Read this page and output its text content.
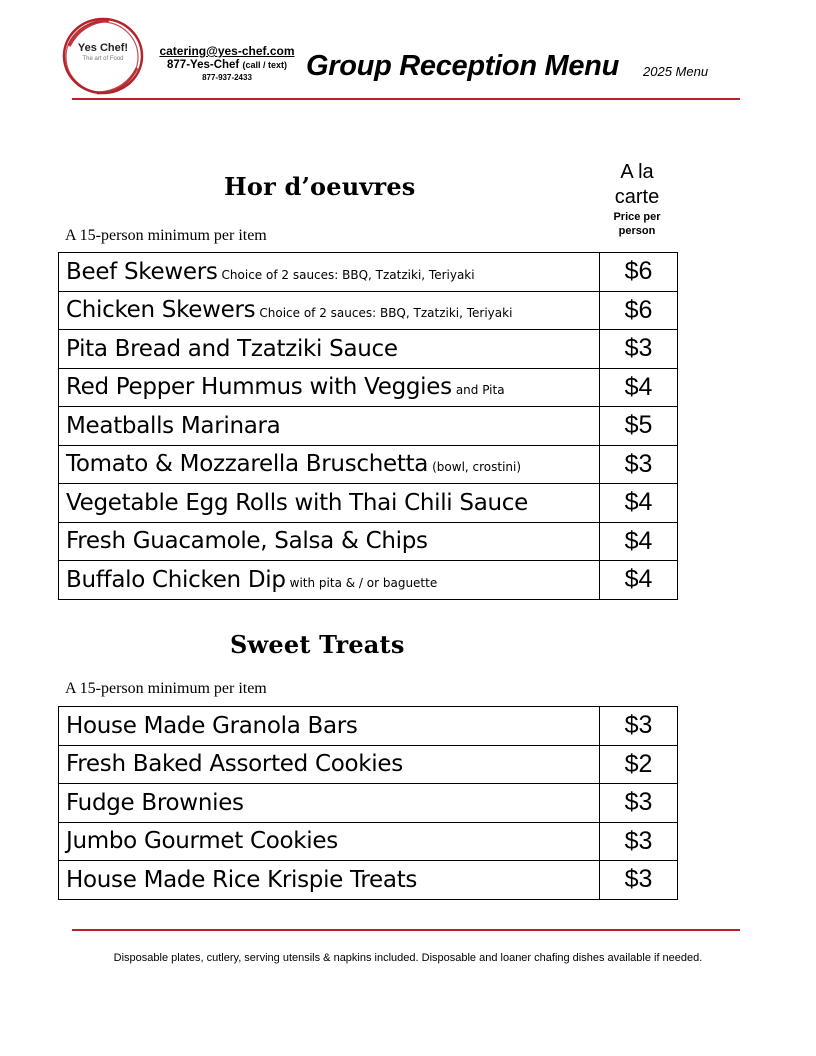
Yes Chef!
The art of Food
catering@yes-chef.com
877-Yes-Chef (call / text)
877-937-2433	Group Reception Menu 2025 Menu
Hor d’oeuvres	A la
carte
Price per
person
A 15-person minimum per item
Beef Skewers Choice of 2 sauces: BBQ, Tzatziki, Teriyaki	$6
Chicken Skewers Choice of 2 sauces: BBQ, Tzatziki, Teriyaki	$6
Pita Bread and Tzatziki Sauce	$3
Red Pepper Hummus with Veggies and Pita	$4
Meatballs Marinara	$5
Tomato & Mozzarella Bruschetta (bowl, crostini)	$3
Vegetable Egg Rolls with Thai Chili Sauce	$4
Fresh Guacamole, Salsa & Chips	$4
Buffalo Chicken Dip with pita & / or baguette	$4
Sweet Treats
A 15-person minimum per item
House Made Granola Bars	$3
Fresh Baked Assorted Cookies	$2
Fudge Brownies	$3
Jumbo Gourmet Cookies	$3
House Made Rice Krispie Treats	$3
Disposable plates, cutlery, serving utensils & napkins included. Disposable and loaner chafing dishes available if needed.
